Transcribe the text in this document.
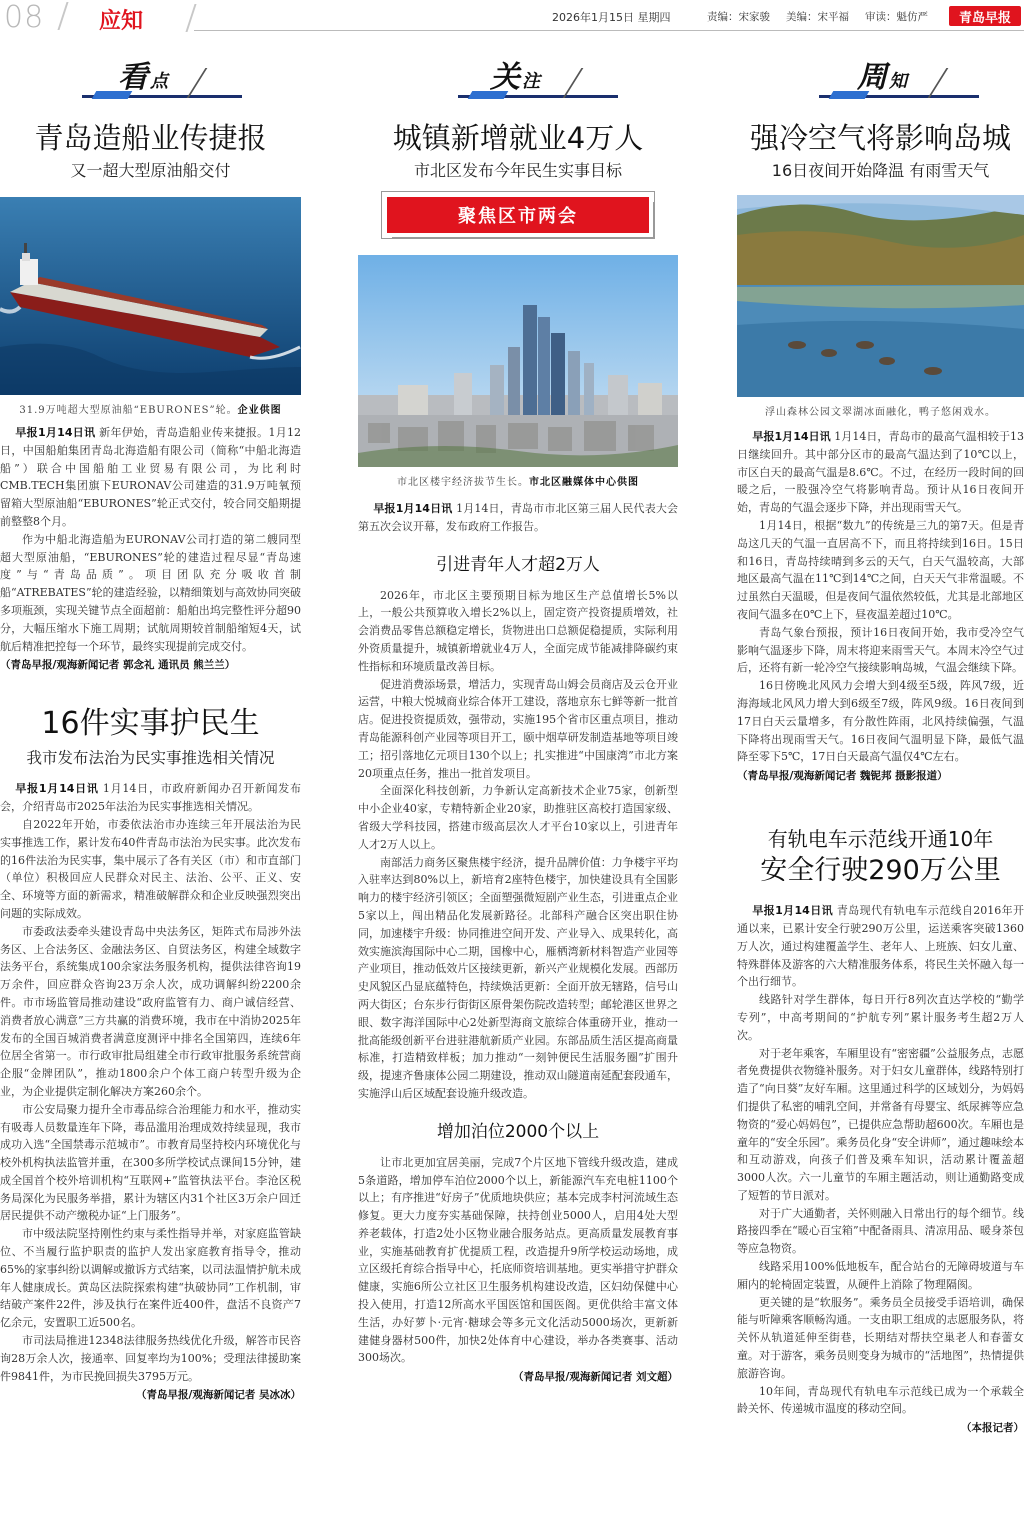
08 应知	2026年1月15日 星期四	责编：宋家骏 美编：宋平福 审读：魁仿严 青岛早报
看点
青岛造船业传捷报
又一超大型原油船交付
31.9万吨超大型原油船“EBURONES”轮。企业供图

早报1月14日讯 新年伊始，青岛造船业传来捷报。1月12日，中国船舶集团青岛北海造船有限公司（简称“中船北海造船”）联合中国船舶工业贸易有限公司，为比利时CMB.TECH集团旗下EURONAV公司建造的31.9万吨氧预留箱大型原油船“EBURONES”轮正式交付，较合同交船期提前整整8个月。

作为中船北海造船为EURONAV公司打造的第二艘同型超大型原油船，“EBURONES”轮的建造过程尽显“青岛速度”与“青岛品质”。项目团队充分吸收首制船“ATREBATES”轮的建造经验，以精细策划与高效协同突破多项瓶颈，实现关键节点全面超前：船舶出坞完整性评分超90分，大幅压缩水下施工周期；试航周期较首制船缩短4天，试航后精准把控每一个环节，最终实现提前完成交付。

（青岛早报/观海新闻记者 郭念礼 通讯员 熊兰兰）
16件实事护民生
我市发布法治为民实事推选相关情况

早报1月14日讯 1月14日，市政府新闻办召开新闻发布会，介绍青岛市2025年法治为民实事推选相关情况。

自2022年开始，市委依法治市办连续三年开展法治为民实事推选工作，累计发布40件青岛市法治为民实事。此次发布的16件法治为民实事，集中展示了各有关区（市）和市直部门（单位）积极回应人民群众对民主、法治、公平、正义、安全、环境等方面的新需求，精准破解群众和企业反映强烈突出问题的实际成效。

市委政法委牵头建设青岛中央法务区，矩阵式布局涉外法务区、上合法务区、金融法务区、自贸法务区，构建全域数字法务平台，系统集成100余家法务服务机构，提供法律咨询19万余件，回应群众咨询23万余人次，成功调解纠纷2200余件。市市场监管局推动建设“政府监管有力、商户诚信经营、消费者放心满意”三方共赢的消费环境，我市在中消协2025年发布的全国百城消费者满意度测评中排名全国第四，连续6年位居全省第一。市行政审批局组建全市行政审批服务系统营商企服“金牌团队”，推动1800余户个体工商户转型升级为企业，为企业提供定制化解决方案260余个。

市公安局聚力提升全市毒品综合治理能力和水平，推动实有吸毒人员数量连年下降，毒品滥用治理成效持续显现，我市成功入选“全国禁毒示范城市”。市教育局坚持校内环境优化与校外机构执法监管并重，在300多所学校试点课间15分钟，建成全国首个校外培训机构“互联网+”监管执法平台。李沧区税务局深化为民服务举措，累计为辖区内31个社区3万余户回迁居民提供不动产缴税办证“上门服务”。

市中级法院坚持刚性约束与柔性指导并举，对家庭监管缺位、不当履行监护职责的监护人发出家庭教育指导令，推动65%的家事纠纷以调解或撤诉方式结案，以司法温情护航未成年人健康成长。黄岛区法院探索构建“执破协同”工作机制，审结破产案件22件，涉及执行在案件近400件，盘活不良资产7亿余元，安置职工近500名。

市司法局推进12348法律服务热线优化升级，解答市民咨询28万余人次，接通率、回复率均为100%；受理法律援助案件9841件，为市民挽回损失3795万元。

（青岛早报/观海新闻记者 吴冰冰）
关注
城镇新增就业4万人
市北区发布今年民生实事目标
聚焦区市两会
市北区楼宇经济拔节生长。市北区融媒体中心供图

早报1月14日讯 1月14日，青岛市市北区第三届人民代表大会第五次会议开幕，发布政府工作报告。

引进青年人才超2万人

2026年，市北区主要预期目标为地区生产总值增长5%以上，一般公共预算收入增长2%以上，固定资产投资提质增效，社会消费品零售总额稳定增长，货物进出口总额促稳提质，实际利用外资质量提升，城镇新增就业4万人，全面完成节能减排降碳约束性指标和环境质量改善目标。

促进消费添场景，增活力，实现青岛山姆会员商店及云仓开业运营，中粮大悦城商业综合体开工建设，落地京东七鲜等新一批首店。促进投资提质效，强带动，实施195个省市区重点项目，推动青岛能源科创产业园等项目开工，颐中烟草研发制造基地等项目竣工；招引落地亿元项目130个以上；扎实推进“中国康湾”市北方案20项重点任务，推出一批首发项目。

全面深化科技创新，力争新认定高新技术企业75家，创新型中小企业40家，专精特新企业20家，助推驻区高校打造国家级、省级大学科技园，搭建市级高层次人才平台10家以上，引进青年人才2万人以上。

南部活力商务区聚焦楼宇经济，提升品牌价值：力争楼宇平均入驻率达到80%以上，新培育2座特色楼宇，加快建设具有全国影响力的楼宇经济引领区；全面塑强微短剧产业生态，引进重点企业5家以上，闯出精品化发展新路径。北部科产融合区突出职住协同，加速楼宇升级：协同推进空间开发、产业导入、成果转化，高效实施滨海国际中心二期，国橡中心，雁栖湾新材料智造产业园等产业项目，推动低效片区接续更新，新兴产业规模化发展。西部历史风貌区凸显底蕴特色，持续焕活更新：全面开放无辖路，信号山两大街区；台东步行街街区原骨架伤院改造转型；邮轮港区世界之眼、数字海洋国际中心2处新型海商文旅综合体重磅开业，推动一批高能级创新平台进驻港航新质产业园。东部品质生活区提高商量标准，打造精致样板；加力推动“一刻钟便民生活服务圈”扩围升级，提速齐鲁康体公园二期建设，推动双山隧道南延配套段通车，实施浮山后区域配套设施升级改造。

增加泊位2000个以上

让市北更加宜居美丽，完成7个片区地下管线升级改造，建成5条道路，增加停车泊位2000个以上，新能源汽车充电桩1100个以上；有序推进“好房子”优质地块供应；基本完成李村河流域生态修复。更大力度夯实基础保障，扶持创业5000人，启用4处大型养老载体，打造2处小区物业融合服务站点。更高质量发展教育事业，实施基础教育扩优提质工程，改造提升9所学校运动场地，成立区级托育综合指导中心，托底师资培训基地。更实举措守护群众健康，实施6所公立社区卫生服务机构建设改造，区妇幼保健中心投入使用，打造12所高水平国医馆和国医阁。更优供给丰富文体生活，办好萝卜·元宵·糖球会等多元文化活动5000场次，更新新建健身器材500件，加快2处体育中心建设，举办各类赛事、活动300场次。

（青岛早报/观海新闻记者 刘文超）
周知
强冷空气将影响岛城
16日夜间开始降温 有雨雪天气
浮山森林公园文翠湖冰面融化，鸭子悠闲戏水。

早报1月14日讯 1月14日，青岛市的最高气温相较于13日继续回升。其中部分区市的最高气温达到了10℃以上，市区白天的最高气温是8.6℃。不过，在经历一段时间的回暖之后，一股强冷空气将影响青岛。预计从16日夜间开始，青岛的气温会逐步下降，并出现雨雪天气。

1月14日，根据“数九”的传统是三九的第7天。但是青岛这几天的气温一直居高不下，而且将持续到16日。15日和16日，青岛持续晴到多云的天气，白天气温较高，大部地区最高气温在11℃到14℃之间，白天天气非常温暖。不过虽然白天温暖，但是夜间气温依然较低，尤其是北部地区夜间气温多在0℃上下，昼夜温差超过10℃。

青岛气象台预报，预计16日夜间开始，我市受冷空气影响气温逐步下降，周末将迎来雨雪天气。本周末冷空气过后，还将有新一轮冷空气接续影响岛城，气温会继续下降。

16日傍晚北风风力会增大到4级至5级，阵风7级，近海海域北风风力增大到6级至7级，阵风9级。16日夜间到17日白天云量增多，有分散性阵雨，北风持续偏强，气温下降将出现雨雪天气。16日夜间气温明显下降，最低气温降至零下5℃，17日白天最高气温仅4℃左右。

（青岛早报/观海新闻记者 魏铌邦 摄影报道）
有轨电车示范线开通10年
安全行驶290万公里

早报1月14日讯 青岛现代有轨电车示范线自2016年开通以来，已累计安全行驶290万公里，运送乘客突破1360万人次，通过构建覆盖学生、老年人、上班族、妇女儿童、特殊群体及游客的六大精准服务体系，将民生关怀融入每一个出行细节。

线路针对学生群体，每日开行8列次直达学校的“勤学专列”，中高考期间的“护航专列”累计服务考生超2万人次。

对于老年乘客，车厢里设有“密密疆”公益服务点，志愿者免费提供衣物缝补服务。对于妇女儿童群体，线路特别打造了“向日葵”友好车厢。这里通过科学的区域划分，为妈妈们提供了私密的哺乳空间，并常备有母婴宝、纸尿裤等应急物资的“爱心妈妈包”，已提供应急帮助超600次。车厢也是童年的“安全乐园”。乘务员化身“安全讲师”，通过趣味绘本和互动游戏，向孩子们普及乘车知识，活动累计覆盖超3000人次。六一儿童节的车厢主题活动，则让通勤路变成了短暂的节日派对。

对于广大通勤者，关怀则融入日常出行的每个细节。线路接四季在“暖心百宝箱”中配备雨具、清凉用品、暖身茶包等应急物资。

线路采用100%低地板车，配合站台的无障碍坡道与车厢内的轮椅固定装置，从硬件上消除了物理隔阂。

更关键的是“软服务”。乘务员全员接受手语培训，确保能与听障乘客顺畅沟通。一支由职工组成的志愿服务队，将关怀从轨道延伸至街巷，长期结对帮扶空巢老人和春蕾女童。对于游客，乘务员则变身为城市的“活地图”，热情提供旅游咨询。

10年间，青岛现代有轨电车示范线已成为一个承载全龄关怀、传递城市温度的移动空间。

（本报记者）
